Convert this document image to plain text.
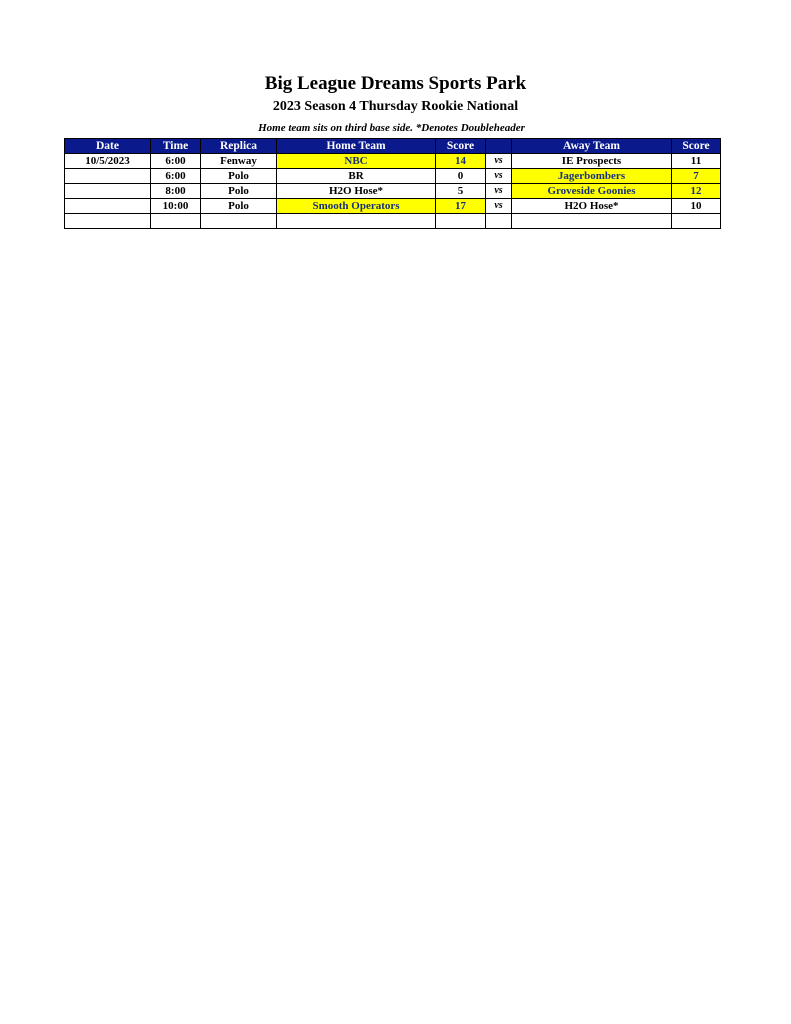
Big League Dreams Sports Park
2023 Season 4 Thursday Rookie National
Home team sits on third base side. *Denotes Doubleheader
Date	Time	Replica	Home Team	Score		Away Team	Score
10/5/2023	6:00	Fenway	NBC	14	vs	IE Prospects	11
	6:00	Polo	BR	0	vs	Jagerbombers	7
	8:00	Polo	H2O Hose*	5	vs	Groveside Goonies	12
	10:00	Polo	Smooth Operators	17	vs	H2O Hose*	10
